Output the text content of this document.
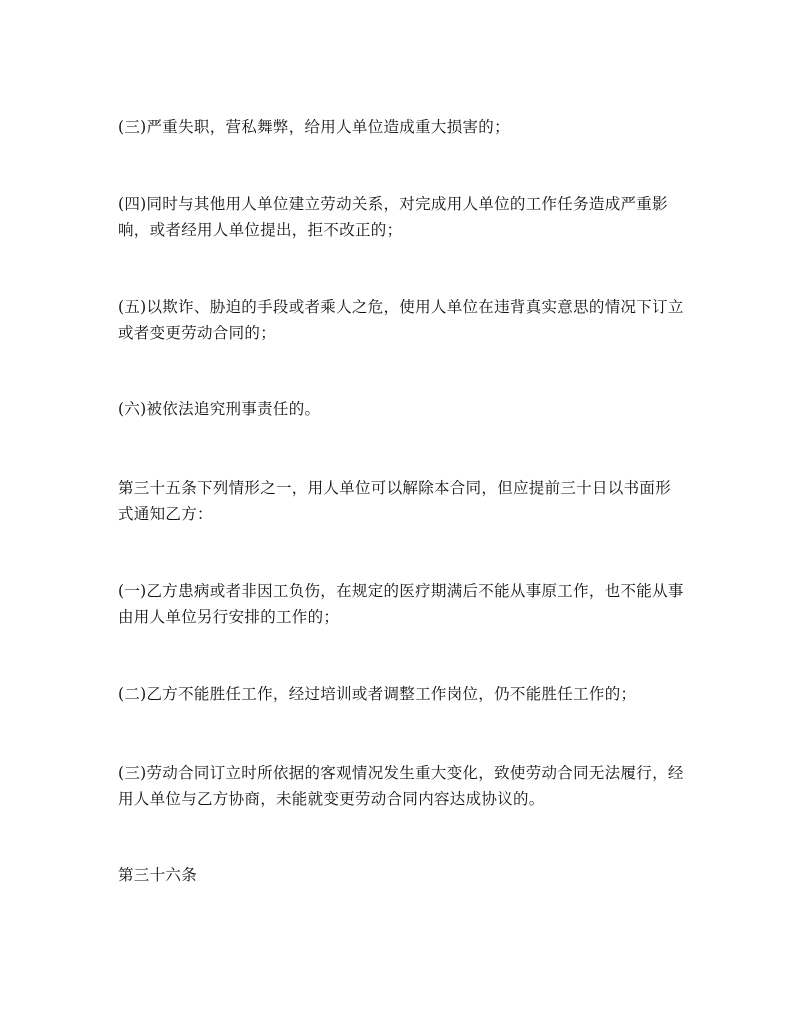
(三)严重失职，营私舞弊，给用人单位造成重大损害的；

(四)同时与其他用人单位建立劳动关系，对完成用人单位的工作任务造成严重影响，或者经用人单位提出，拒不改正的；

(五)以欺诈、胁迫的手段或者乘人之危，使用人单位在违背真实意思的情况下订立或者变更劳动合同的；

(六)被依法追究刑事责任的。

第三十五条下列情形之一，用人单位可以解除本合同，但应提前三十日以书面形式通知乙方：

(一)乙方患病或者非因工负伤，在规定的医疗期满后不能从事原工作，也不能从事由用人单位另行安排的工作的；

(二)乙方不能胜任工作，经过培训或者调整工作岗位，仍不能胜任工作的；

(三)劳动合同订立时所依据的客观情况发生重大变化，致使劳动合同无法履行，经用人单位与乙方协商，未能就变更劳动合同内容达成协议的。

第三十六条
